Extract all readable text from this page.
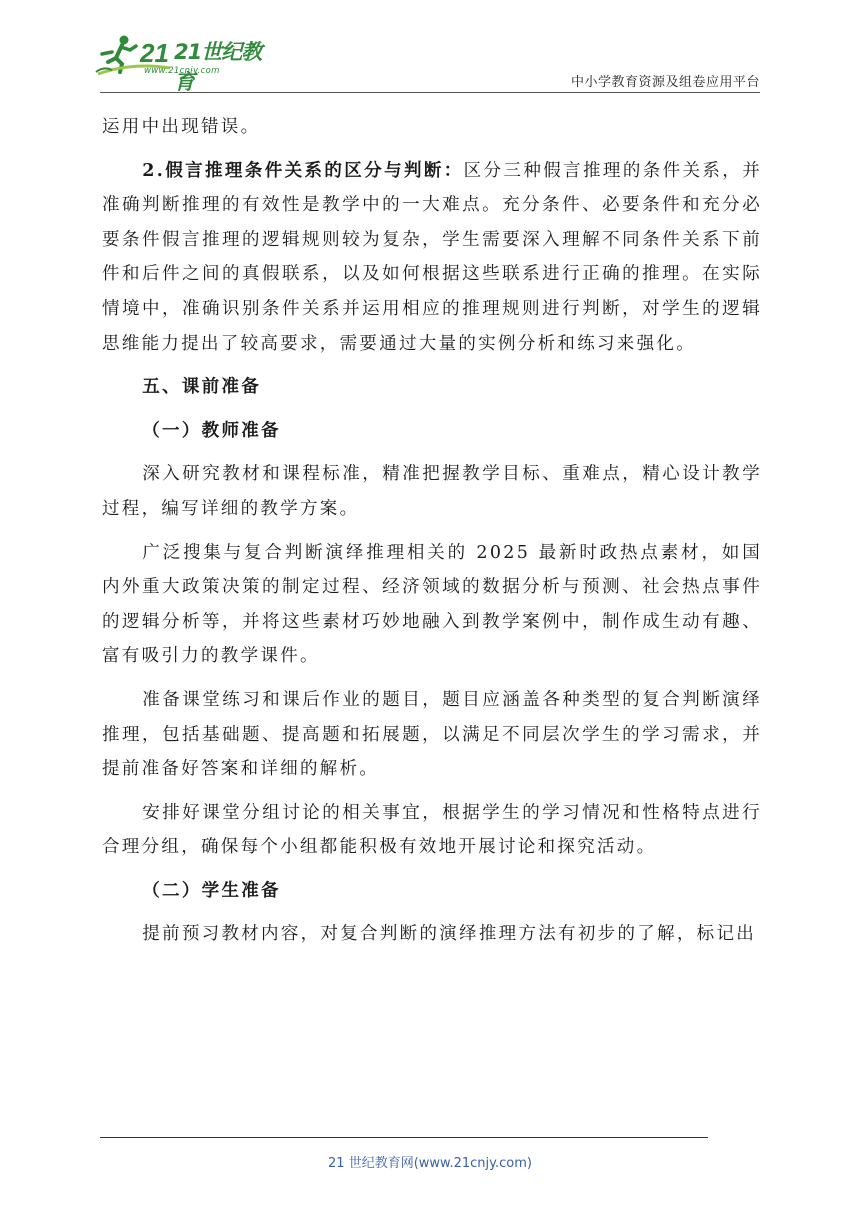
21 21世纪教育
www.21cnjy.com
中小学教育资源及组卷应用平台

运用中出现错误。

2.假言推理条件关系的区分与判断：区分三种假言推理的条件关系，并准确判断推理的有效性是教学中的一大难点。充分条件、必要条件和充分必要条件假言推理的逻辑规则较为复杂，学生需要深入理解不同条件关系下前件和后件之间的真假联系，以及如何根据这些联系进行正确的推理。在实际情境中，准确识别条件关系并运用相应的推理规则进行判断，对学生的逻辑思维能力提出了较高要求，需要通过大量的实例分析和练习来强化。

五、课前准备

（一）教师准备

深入研究教材和课程标准，精准把握教学目标、重难点，精心设计教学过程，编写详细的教学方案。

广泛搜集与复合判断演绎推理相关的 2025 最新时政热点素材，如国内外重大政策决策的制定过程、经济领域的数据分析与预测、社会热点事件的逻辑分析等，并将这些素材巧妙地融入到教学案例中，制作成生动有趣、富有吸引力的教学课件。

准备课堂练习和课后作业的题目，题目应涵盖各种类型的复合判断演绎推理，包括基础题、提高题和拓展题，以满足不同层次学生的学习需求，并提前准备好答案和详细的解析。

安排好课堂分组讨论的相关事宜，根据学生的学习情况和性格特点进行合理分组，确保每个小组都能积极有效地开展讨论和探究活动。

（二）学生准备

提前预习教材内容，对复合判断的演绎推理方法有初步的了解，标记出

21 世纪教育网(www.21cnjy.com)
